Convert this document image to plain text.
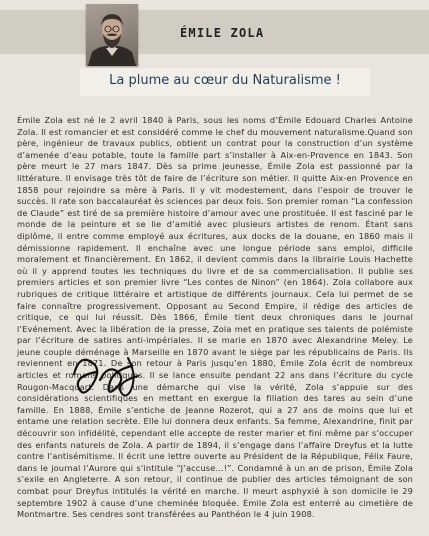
ÉMILE ZOLA
La plume au cœur du Naturalisme !

Émile Zola est né le 2 avril 1840 à Paris, sous les noms d’Émile Edouard Charles Antoine Zola. Il est romancier et est considéré comme le chef du mouvement naturalisme.Quand son père, ingénieur de travaux publics, obtient un contrat pour la construction d’un système d’amenée d’eau potable, toute la famille part s’installer à Aix-en-Provence en 1843. Son père meurt le 27 mars 1847. Dès sa prime jeunesse, Émile Zola est passionné par la littérature. Il envisage très tôt de faire de l’écriture son métier. Il quitte Aix-en Provence en 1858 pour rejoindre sa mère à Paris. Il y vit modestement, dans l’espoir de trouver le succès. Il rate son baccalauréat ès sciences par deux fois. Son premier roman “La confession de Claude” est tiré de sa première histoire d’amour avec une prostituée. Il est fasciné par le monde de la peinture et se lie d’amitié avec plusieurs artistes de renom. Étant sans diplôme, il entre comme employé aux écritures, aux docks de la douane, en 1860 mais il démissionne rapidement. Il enchaîne avec une longue période sans emploi, difficile moralement et financièrement. En 1862, il devient commis dans la librairie Louis Hachette où il y apprend toutes les techniques du livre et de sa commercialisation. Il publie ses premiers articles et son premier livre “Les contes de Ninon” (en 1864). Zola collabore aux rubriques de critique littéraire et artistique de différents journaux. Cela lui permet de se faire connaître progressivement. Opposant au Second Empire, il rédige des articles de critique, ce qui lui réussit. Dès 1866, Émile tient deux chroniques dans le journal l’Evénement. Avec la libération de la presse, Zola met en pratique ses talents de polémiste par l’écriture de satires anti-impériales. Il se marie en 1870 avec Alexandrine Meley. Le jeune couple déménage à Marseille en 1870 avant le siège par les républicains de Paris. Ils reviennent en 1871. De son retour à Paris jusqu’en 1880, Émile Zola écrit de nombreux articles et romans politiques. Il se lance ensuite pendant 22 ans dans l’écriture du cycle Rougon-Macquart. Dans une démarche qui vise la vérité, Zola s’appuie sur des considérations scientifiques en mettant en exergue la filiation des tares au sein d’une famille. En 1888, Émile s’entiche de Jeanne Rozerot, qui a 27 ans de moins que lui et entame une relation secrète. Elle lui donnera deux enfants. Sa femme, Alexandrine, finit par découvrir son infidélité, cependant elle accepte de rester marier et fini même par s’occuper des enfants naturels de Zola. A partir de 1894, il s’engage dans l’affaire Dreyfus et la lutte contre l’antisémitisme. Il écrit une lettre ouverte au Président de la République, Félix Faure, dans le journal l’Aurore qui s’intitule “J’accuse…!”. Condamné à un an de prison, Émile Zola s’exile en Angleterre. A son retour, il continue de publier des articles témoignant de son combat pour Dreyfus intitulés la vérité en marche. Il meurt asphyxié à son domicile le 29 septembre 1902 à cause d’une cheminée bloquée. Émile Zola est enterré au cimetière de Montmartre. Ses cendres sont transférées au Panthéon le 4 juin 1908.
